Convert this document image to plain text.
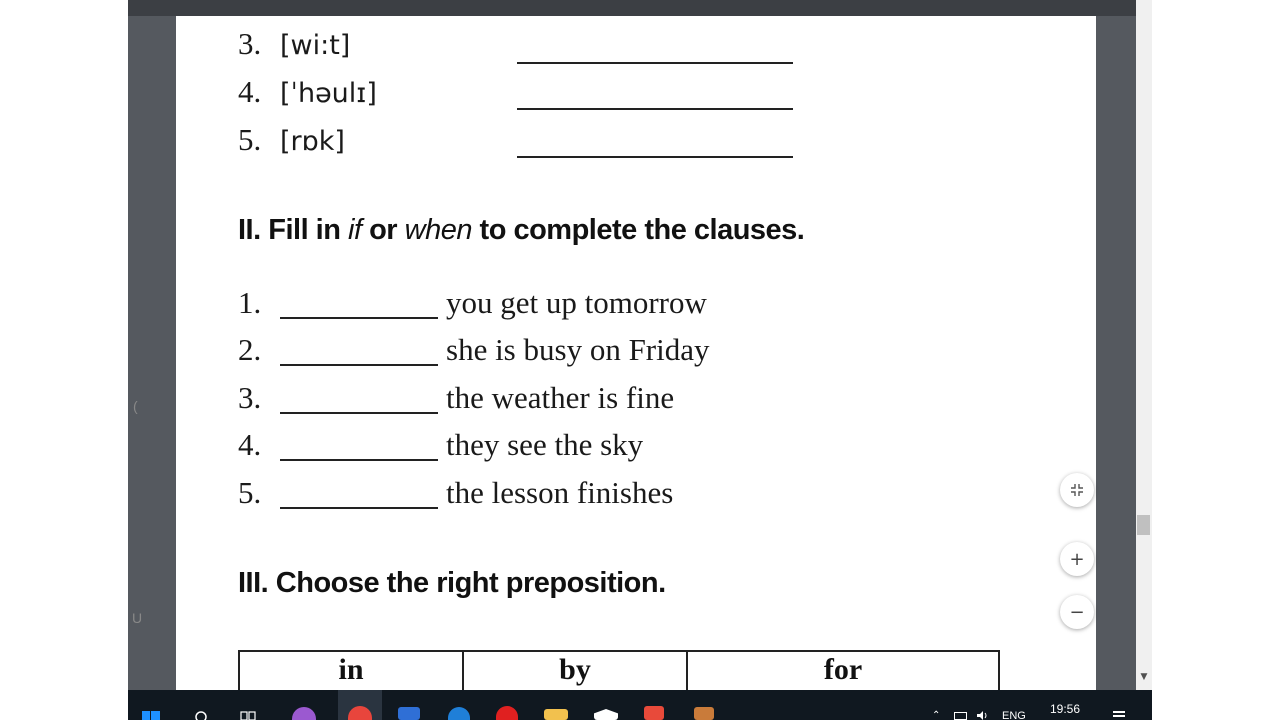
▼
(
U
3. [wi:t]
4. [ˈhəulɪ]
5. [rɒk]
II. Fill in if or when to complete the clauses.
1.	you get up tomorrow
2.	she is busy on Friday
3.	the weather is fine
4.	they see the sky
5.	the lesson finishes
III. Choose the right preposition.
in	by	for
+
−
⌃	ENG 19:56
